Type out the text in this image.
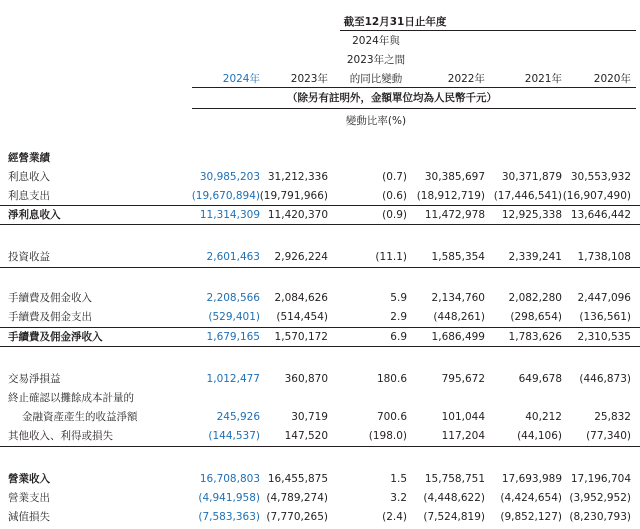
截至12月31日止年度
2024年與
2023年之間
的同比變動
2024年	2023年	2022年	2021年	2020年
（除另有註明外，金額單位均為人民幣千元）
變動比率(%)
經營業績
利息收入	30,985,203 31,212,336	(0.7) 30,385,697 30,371,879 30,553,932
利息支出	(19,670,894) (19,791,966)	(0.6) (18,912,719) (17,446,541) (16,907,490)
淨利息收入	11,314,309 11,420,370	(0.9) 11,472,978 12,925,338 13,646,442
投資收益	2,601,463 2,926,224	(11.1) 1,585,354 2,339,241 1,738,108
手續費及佣金收入	2,208,566 2,084,626	5.9 2,134,760 2,082,280 2,447,096
手續費及佣金支出	(529,401) (514,454)	2.9	(448,261) (298,654) (136,561)
手續費及佣金淨收入	1,679,165 1,570,172	6.9 1,686,499 1,783,626 2,310,535
交易淨損益	1,012,477 360,870	180.6	795,672	649,678 (446,873)
終止確認以攤餘成本計量的
金融資產產生的收益淨額	245,926	30,719	700.6	101,044	40,212	25,832
其他收入、利得或損失	(144,537) 147,520	(198.0)	117,204	(44,106) (77,340)
營業收入	16,708,803 16,455,875	1.5 15,758,751 17,693,989 17,196,704
營業支出	(4,941,958) (4,789,274)	3.2 (4,448,622) (4,424,654) (3,952,952)
減值損失	(7,583,363) (7,770,265)	(2.4) (7,524,819) (9,852,127) (8,230,793)
